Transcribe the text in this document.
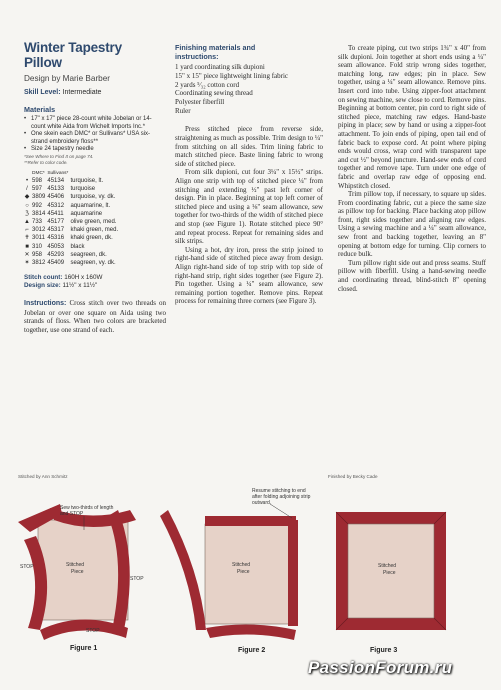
Winter Tapestry
Pillow
Design by Marie Barber
Skill Level: Intermediate
Materials
• 17" x 17" piece 28-count white Jobelan or 14-count white Aida from Wichelt Imports Inc.*
• One skein each DMC* or Sullivans* USA six-strand embroidery floss**
• Size 24 tapestry needle
*See Where to Find It on page 74.
**Refer to color code.
	DMC*	Sullivans*	
•	598	45134	turquoise, lt.
/	597	45133	turquoise
◆	3809	45406	turquoise, vy. dk.
○	992	45312	aquamarine, lt.
ℨ	3814	45411	aquamarine
▲	733	45177	olive green, med.
⌐	3012	45317	khaki green, med.
✝	3011	45316	khaki green, dk.
■	310	45053	black
✕	958	45293	seagreen, dk.
✶	3812	45409	seagreen, vy. dk.
Stitch count: 160H x 160W
Design size: 11½" x 11½"
Instructions: Cross stitch over two threads on Jobelan or over one square on Aida using two strands of floss. When two colors are bracketed together, use one strand of each.
Finishing materials and
instructions:
1 yard coordinating silk dupioni
15" x 15" piece lightweight lining fabric
2 yards ⁵⁄₃₂ cotton cord
Coordinating sewing thread
Polyester fiberfill
Ruler

Press stitched piece from reverse side, straightening as much as possible. Trim design to ¼" from stitching on all sides. Trim lining fabric to match stitched piece. Baste lining fabric to wrong side of stitched piece.

From silk dupioni, cut four 3¼" x 15½" strips. Align one strip with top of stitched piece ¼" from stitching and extending ½" past left corner of design. Pin in place. Beginning at top left corner of stitched piece and using a ⅛" seam allowance, sew together for two-thirds of the width of stitched piece and stop (see Figure 1). Rotate stitched piece 90° and repeat process. Repeat for remaining sides and silk strips.

Using a hot, dry iron, press the strip joined to right-hand side of stitched piece away from design. Align right-hand side of top strip with top side of right-hand strip, right sides together (see Figure 2). Pin together. Using a ¼" seam allowance, sew remaining portion together. Remove pins. Repeat process for remaining three corners (see Figure 3).

To create piping, cut two strips 1¾" x 40" from silk dupioni. Join together at short ends using a ¼" seam allowance. Fold strip wrong sides together, matching long, raw edges; pin in place. Sew together, using a ¼" seam allowance. Remove pins. Insert cord into tube. Using zipper-foot attachment on sewing machine, sew close to cord. Remove pins. Beginning at bottom center, pin cord to right side of stitched piece, matching raw edges. Hand-baste piping in place; sew by hand or using a zipper-foot attachment. To join ends of piping, open tail end of fabric back to expose cord. At point where piping ends would cross, wrap cord with transparent tape and cut ½" beyond juncture. Hand-sew ends of cord together and remove tape. Turn under one edge of fabric and overlap raw edge of opposing end. Whipstitch closed.

Trim pillow top, if necessary, to square up sides. From coordinating fabric, cut a piece the same size as pillow top for backing. Place backing atop pillow front, right sides together and aligning raw edges. Using a sewing machine and a ¼" seam allowance, sew front and backing together, leaving an 8" opening at bottom edge for turning. Clip corners to reduce bulk.

Turn pillow right side out and press seams. Stuff pillow with fiberfill. Using a hand-sewing needle and coordinating thread, blind-stitch 8" opening closed.

Stitched by Ann Schmitz	Finished by Becky Cade
Sew two-thirds of length
and STOP
STOP
STOP
STOP
Stitched
Piece
Figure 1
Resume stitching to end
after folding adjoining strip
outward.
Stitched
Piece
Figure 2
Stitched
Piece
Figure 3
PassionForum.ru
